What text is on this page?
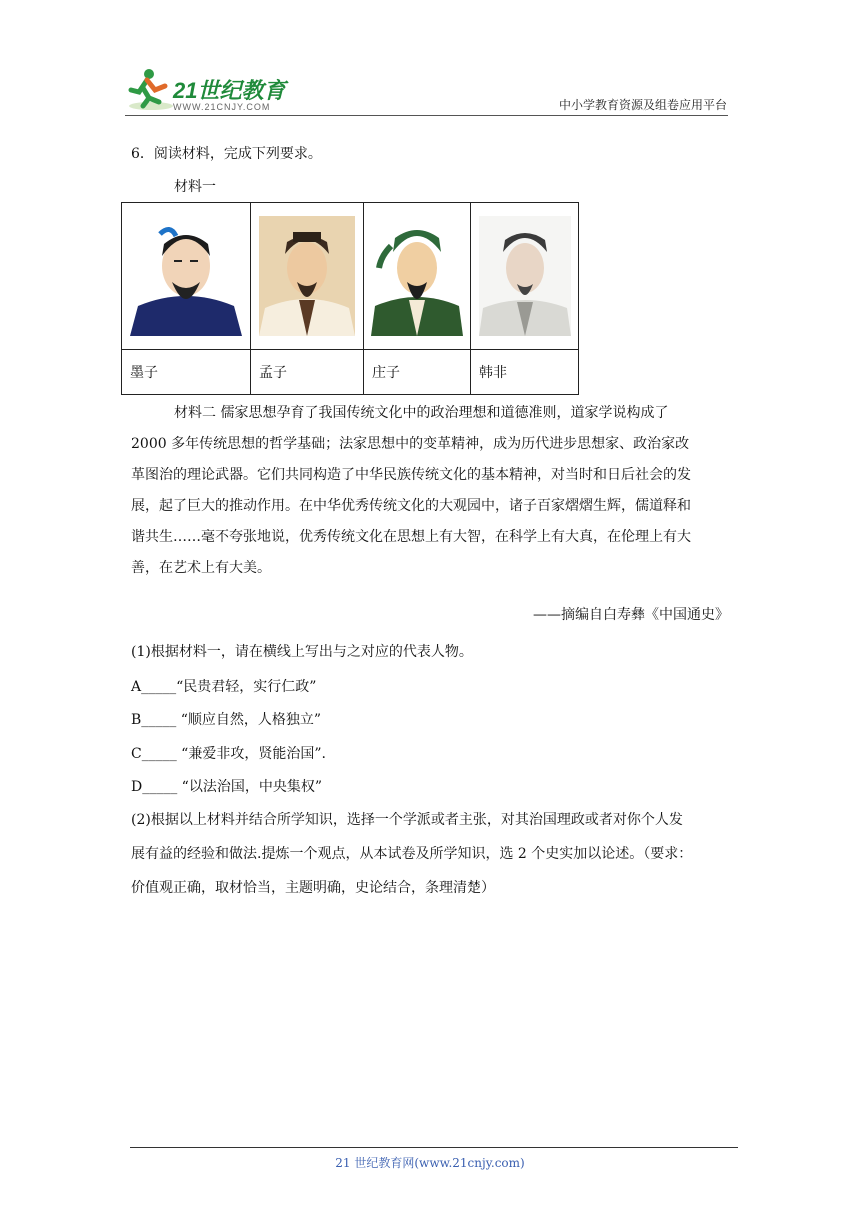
21世纪教育
WWW.21CNJY.COM	中小学教育资源及组卷应用平台
6．阅读材料，完成下列要求。
材料一

墨子	孟子	庄子	韩非
材料二 儒家思想孕育了我国传统文化中的政治理想和道德准则，道家学说构成了
2000 多年传统思想的哲学基础；法家思想中的变革精神，成为历代进步思想家、政治家改
革图治的理论武器。它们共同构造了中华民族传统文化的基本精神，对当时和日后社会的发
展，起了巨大的推动作用。在中华优秀传统文化的大观园中，诸子百家熠熠生辉，儒道释和
谐共生……毫不夸张地说，优秀传统文化在思想上有大智，在科学上有大真，在伦理上有大
善，在艺术上有大美。
——摘编自白寿彝《中国通史》
(1)根据材料一，请在横线上写出与之对应的代表人物。
A_____“民贵君轻，实行仁政”
B_____ “顺应自然，人格独立”
C_____ “兼爱非攻，贤能治国”.
D_____ “以法治国，中央集权”
(2)根据以上材料并结合所学知识，选择一个学派或者主张，对其治国理政或者对你个人发
展有益的经验和做法.提炼一个观点，从本试卷及所学知识，选 2 个史实加以论述。（要求：
价值观正确，取材恰当，主题明确，史论结合，条理清楚）
21 世纪教育网(www.21cnjy.com)
